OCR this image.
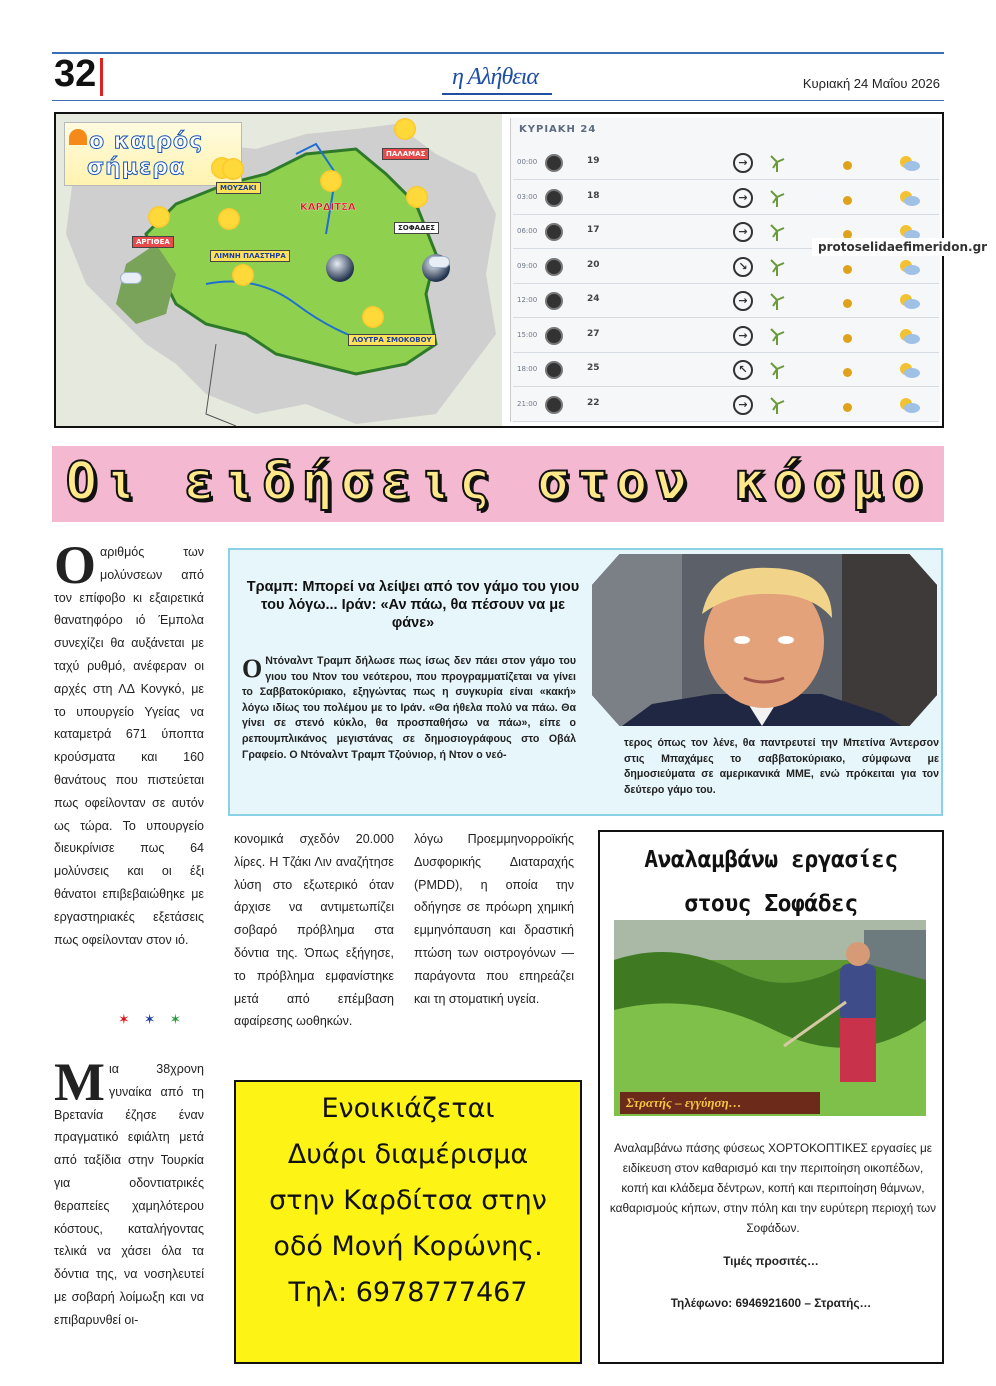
32	η Αλήθεια	Κυριακή 24 Μαΐου 2026
ο καιρός
σήμερα
ΠΑΛΑΜΑΣ
ΜΟΥΖΑΚΙ
ΚΑΡΔΙΤΣΑ
ΣΟΦΑΔΕΣ
ΑΡΓΙΘΕΑ
ΛΙΜΝΗ ΠΛΑΣΤΗΡΑ
ΛΟΥΤΡΑ ΣΜΟΚΟΒΟΥ
ΚΥΡΙΑΚΗ 24
00:00	19	→
03:00	18	→
06:00	17	→
09:00	20	↘
12:00	24	→
15:00	27	→
18:00	25	↖
21:00	22	→
protoselidaefimeridon.gr
Οι ειδήσεις στον κόσμο
Οαριθμός των μολύνσεων από τον επίφοβο κι εξαιρετικά θανατηφόρο ιό Έμπολα συνεχίζει θα αυξάνεται με ταχύ ρυθμό, ανέφεραν οι αρχές στη ΛΔ Κονγκό, με το υπουργείο Υγείας να καταμετρά 671 ύποπτα κρούσματα και 160 θανάτους που πιστεύεται πως οφείλονταν σε αυτόν ως τώρα. Το υπουργείο διευκρίνισε πως 64 μολύνσεις και οι έξι θάνατοι επιβεβαιώθηκε με εργαστηριακές εξετάσεις πως οφείλονταν στον ιό.
✶✶✶
Μια 38χρονη γυναίκα από τη Βρετανία έζησε έναν πραγματικό εφιάλτη μετά από ταξίδια στην Τουρκία για οδοντιατρικές θεραπείες χαμηλότερου κόστους, καταλήγοντας τελικά να χάσει όλα τα δόντια της, να νοσηλευτεί με σοβαρή λοίμωξη και να επιβαρυνθεί οι-
κονομικά σχεδόν 20.000 λίρες. Η Τζάκι Λιν αναζήτησε λύση στο εξωτερικό όταν άρχισε να αντιμετωπίζει σοβαρό πρόβλημα στα δόντια της. Όπως εξήγησε, το πρόβλημα εμφανίστηκε μετά από επέμβαση αφαίρεσης ωοθηκών.
λόγω Προεμμηνορροϊκής Δυσφορικής Διαταραχής (PMDD), η οποία την οδήγησε σε πρόωρη χημική εμμηνόπαυση και δραστική πτώση των οιστρογόνων — παράγοντα που επηρεάζει και τη στοματική υγεία.
Τραμπ: Μπορεί να λείψει από τον γάμο του γιου του λόγω... Ιράν: «Αν πάω, θα πέσουν να με φάνε»
Ο Ντόναλντ Τραμπ δήλωσε πως ίσως δεν πάει στον γάμο του γιου του Ντον του νεότερου, που προγραμματίζεται να γίνει το Σαββατοκύριακο, εξηγώντας πως η συγκυρία είναι «κακή» λόγω ιδίως του πολέμου με το Ιράν. «Θα ήθελα πολύ να πάω. Θα γίνει σε στενό κύκλο, θα προσπαθήσω να πάω», είπε ο ρεπουμπλικάνος μεγιστάνας σε δημοσιογράφους στο Οβάλ Γραφείο. Ο Ντόναλντ Τραμπ Τζούνιορ, ή Ντον ο νεό-
τερος όπως τον λένε, θα παντρευτεί την Μπετίνα Άντερσον στις Μπαχάμες το σαββατοκύριακο, σύμφωνα με δημοσιεύματα σε αμερικανικά ΜΜΕ, ενώ πρόκειται για τον δεύτερο γάμο του.
Ενοικιάζεται
Δυάρι διαμέρισμα
στην Καρδίτσα στην
οδό Μονή Κορώνης.
Τηλ: 6978777467
Αναλαμβάνω εργασίες
στους Σοφάδες
Στρατής – εγγύηση…
Αναλαμβάνω πάσης φύσεως ΧΟΡΤΟΚΟΠΤΙΚΕΣ εργασίες με ειδίκευση στον καθαρισμό και την περιποίηση οικοπέδων, κοπή και κλάδεμα δέντρων, κοπή και περιποίηση θάμνων, καθαρισμούς κήπων, στην πόλη και την ευρύτερη περιοχή των Σοφάδων.
Τιμές προσιτές…
Τηλέφωνο: 6946921600 – Στρατής…
